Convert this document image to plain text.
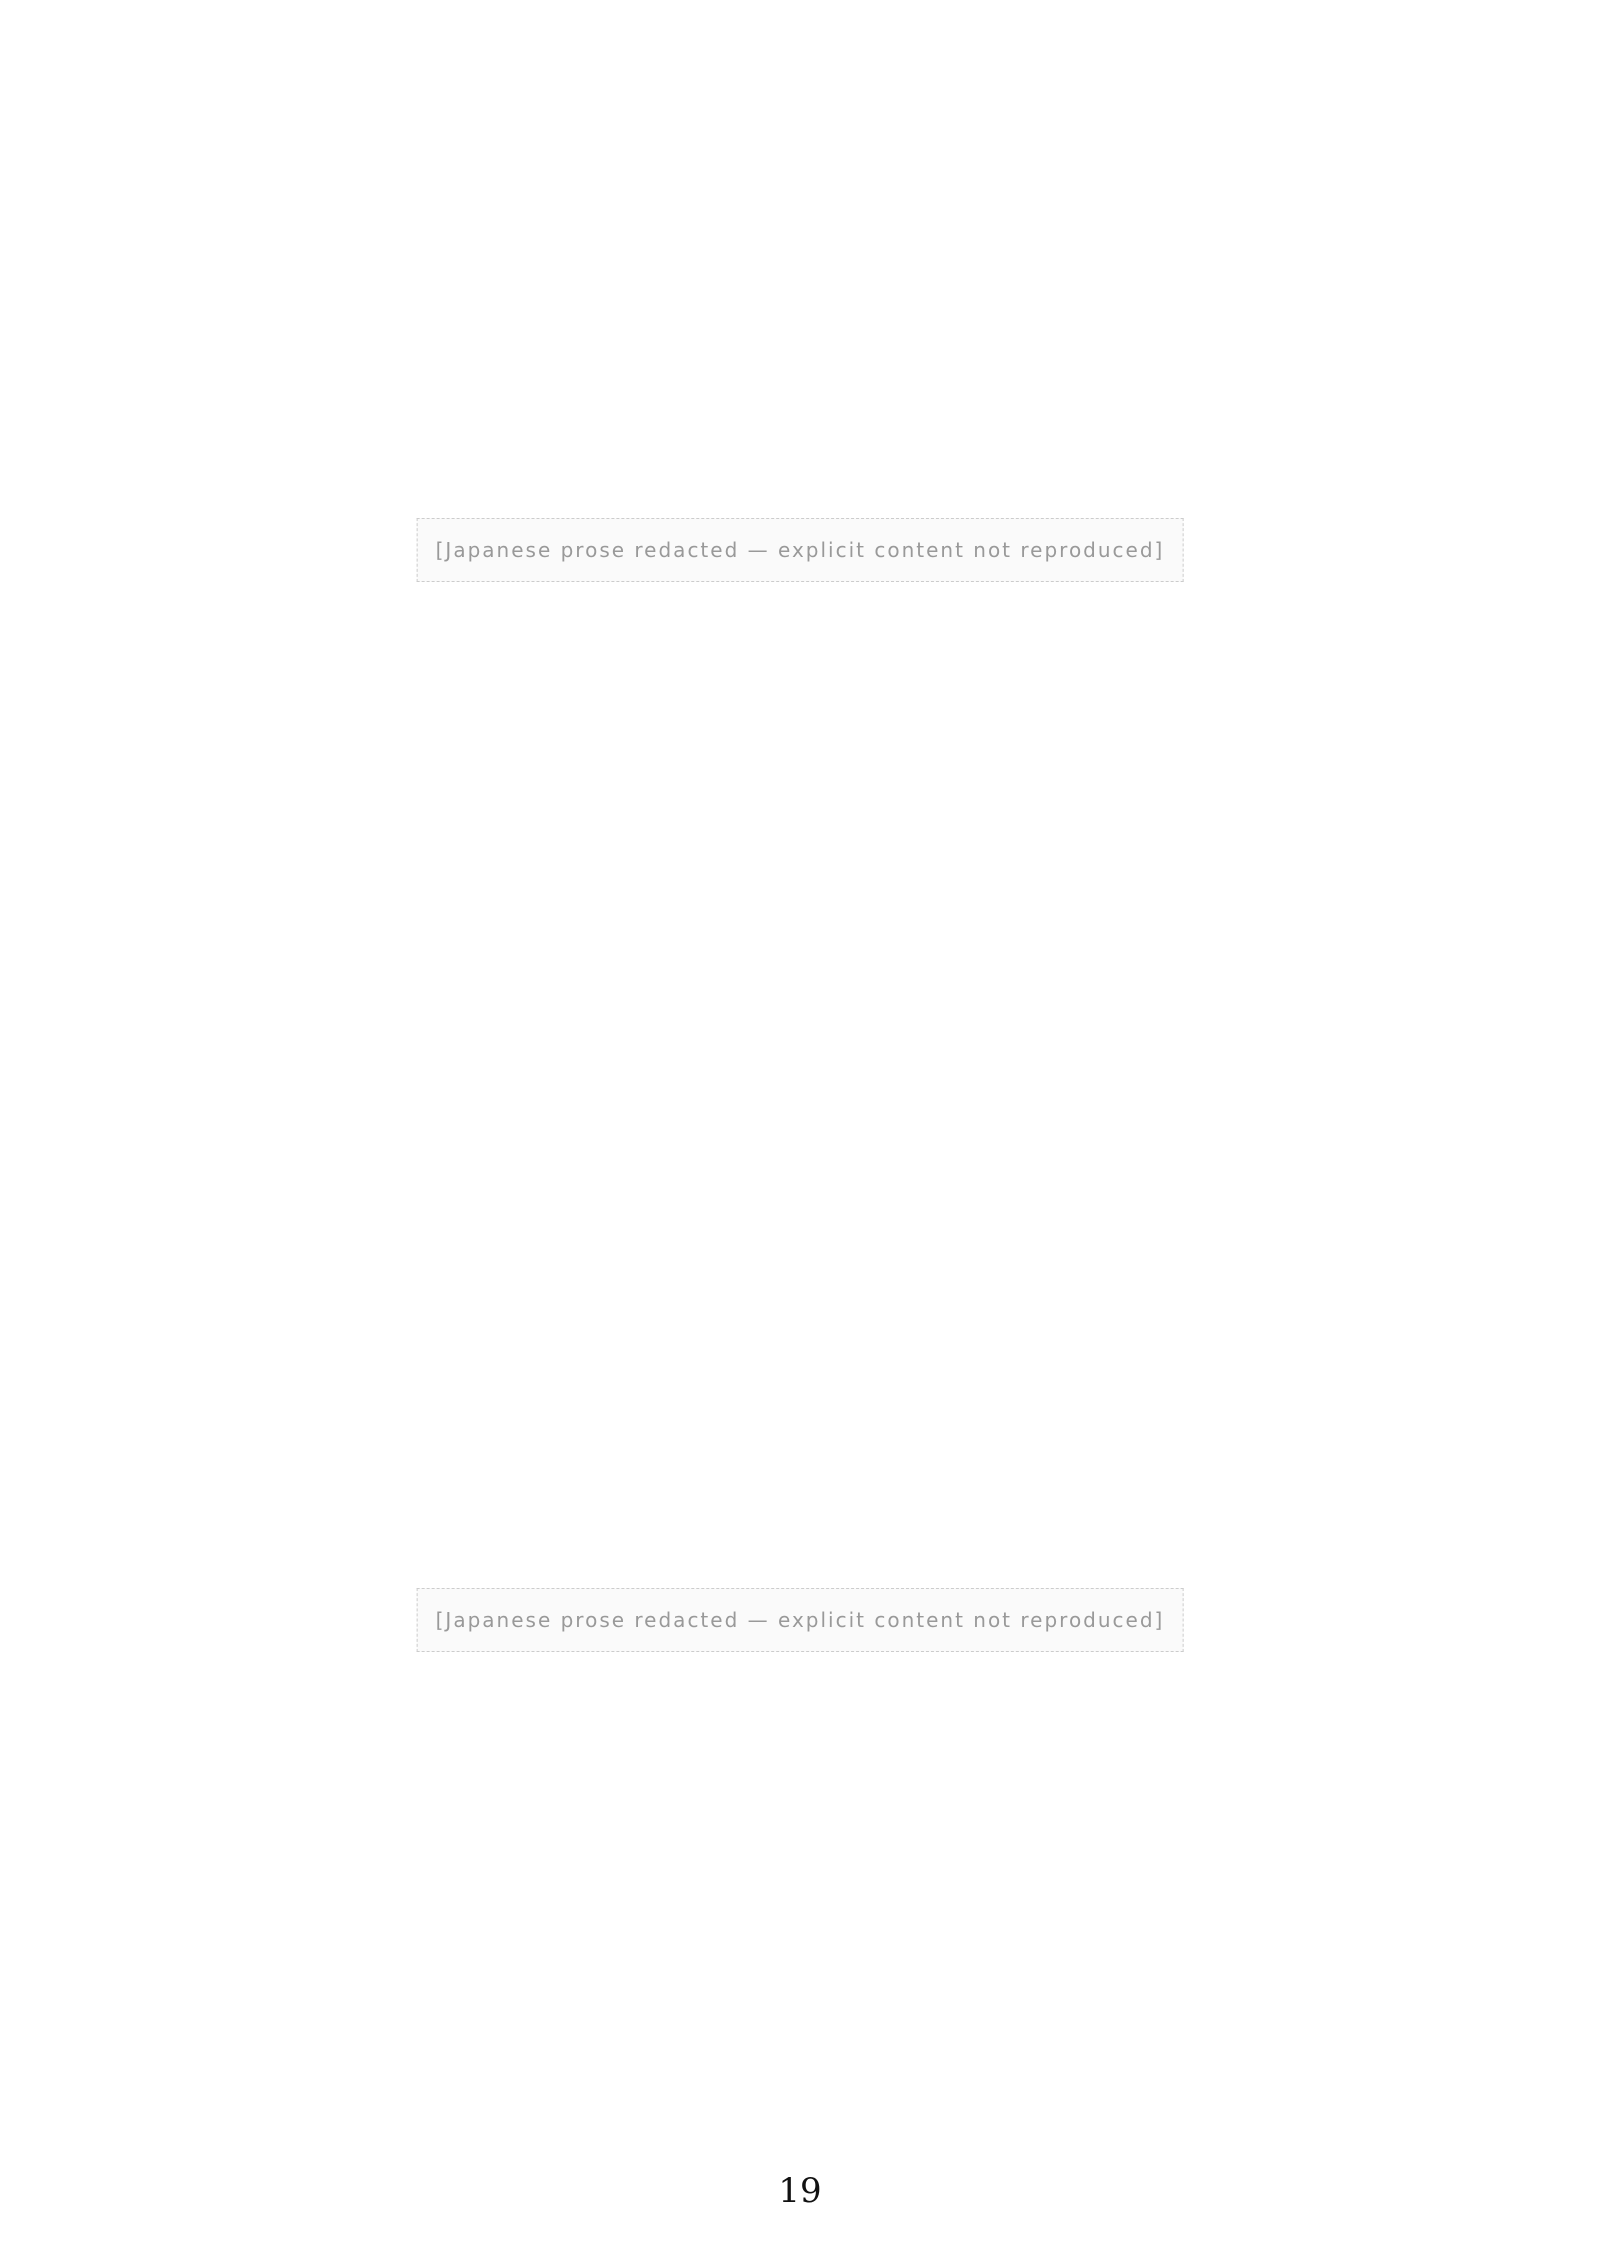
[Japanese prose redacted — explicit content not reproduced]
[Japanese prose redacted — explicit content not reproduced]
19
